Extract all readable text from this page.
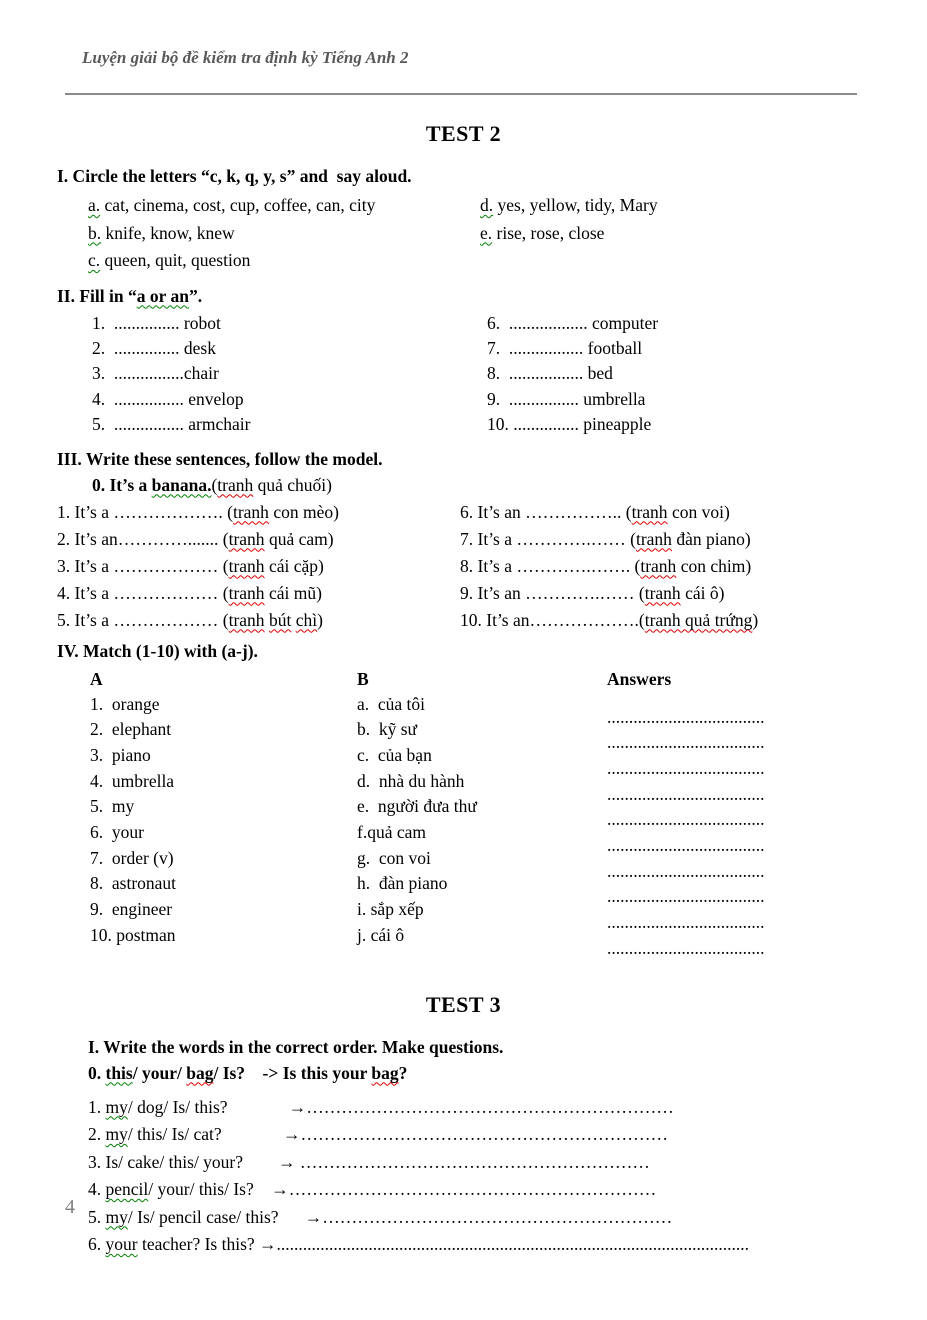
Luyện giải bộ đề kiểm tra định kỳ Tiếng Anh 2

TEST 2
I. Circle the letters “c, k, q, y, s” and  say aloud.
a. cat, cinema, cost, cup, coffee, can, city
b. knife, know, knew
c. queen, quit, question
d. yes, yellow, tidy, Mary
e. rise, rose, close
II. Fill in “a or an”.
1.  ............... robot
2.  ............... desk
3.  ................chair
4.  ................ envelop
5.  ................ armchair
6.  .................. computer
7.  ................. football
8.  ................. bed
9.  ................ umbrella
10. ............... pineapple
III. Write these sentences, follow the model.
0. It’s a banana.(tranh quả chuối)
1. It’s a ………………. (tranh con mèo)
2. It’s an…………....... (tranh quả cam)
3. It’s a ……………… (tranh cái cặp)
4. It’s a ……………… (tranh cái mũ)
5. It’s a ……………… (tranh bút chì)
6. It’s an …………….. (tranh con voi)
7. It’s a ………….…… (tranh đàn piano)
8. It’s a ………….……. (tranh con chim)
9. It’s an ………….…… (tranh cái ô)
10. It’s an……………….(tranh quả trứng)
IV. Match (1-10) with (a-j).
A
1.  orange
2.  elephant
3.  piano
4.  umbrella
5.  my
6.  your
7.  order (v)
8.  astronaut
9.  engineer
10. postman
B
a.  của tôi
b.  kỹ sư
c.  của bạn
d.  nhà du hành
e.  người đưa thư
f.quả cam
g.  con voi
h.  đàn piano
i. sắp xếp
j. cái ô
Answers
....................................
....................................
....................................
....................................
....................................
....................................
....................................
....................................
....................................
....................................
TEST 3
I. Write the words in the correct order. Make questions.
0. this/ your/ bag/ Is?    -> Is this your bag?
1. my/ dog/ Is/ this?              →………………………………………………………
2. my/ this/ Is/ cat?              →………………………………………………………
3. Is/ cake/ this/ your?        → ……………………………………………………
4. pencil/ your/ this/ Is?    →………………………………………………………
5. my/ Is/ pencil case/ this?      →……………………………………………………
6. your teacher? Is this? →............................................................................................................
4
